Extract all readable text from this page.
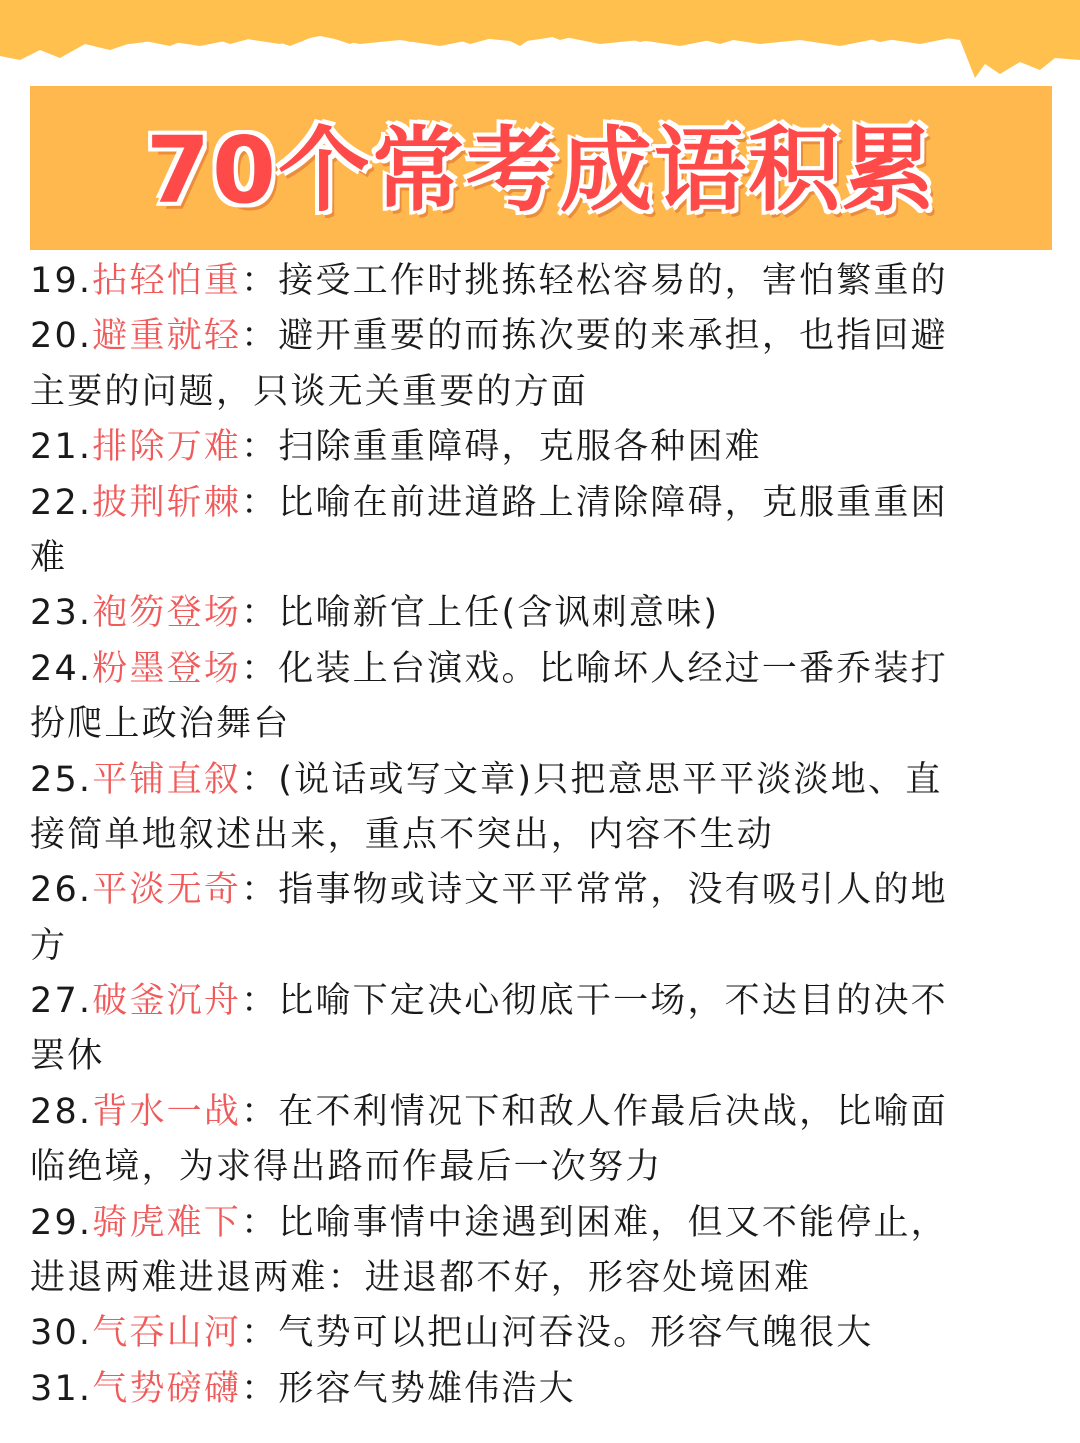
70个常考成语积累
19.拈轻怕重：接受工作时挑拣轻松容易的，害怕繁重的
20.避重就轻：避开重要的而拣次要的来承担，也指回避
主要的问题，只谈无关重要的方面
21.排除万难：扫除重重障碍，克服各种困难
22.披荆斩棘：比喻在前进道路上清除障碍，克服重重困
难
23.袍笏登场：比喻新官上任(含讽刺意味)
24.粉墨登场：化装上台演戏。比喻坏人经过一番乔装打
扮爬上政治舞台
25.平铺直叙：(说话或写文章)只把意思平平淡淡地、直
接简单地叙述出来，重点不突出，内容不生动
26.平淡无奇：指事物或诗文平平常常，没有吸引人的地
方
27.破釜沉舟：比喻下定决心彻底干一场，不达目的决不
罢休
28.背水一战：在不利情况下和敌人作最后决战，比喻面
临绝境，为求得出路而作最后一次努力
29.骑虎难下：比喻事情中途遇到困难，但又不能停止，
进退两难进退两难：进退都不好，形容处境困难
30.气吞山河：气势可以把山河吞没。形容气魄很大
31.气势磅礴：形容气势雄伟浩大
